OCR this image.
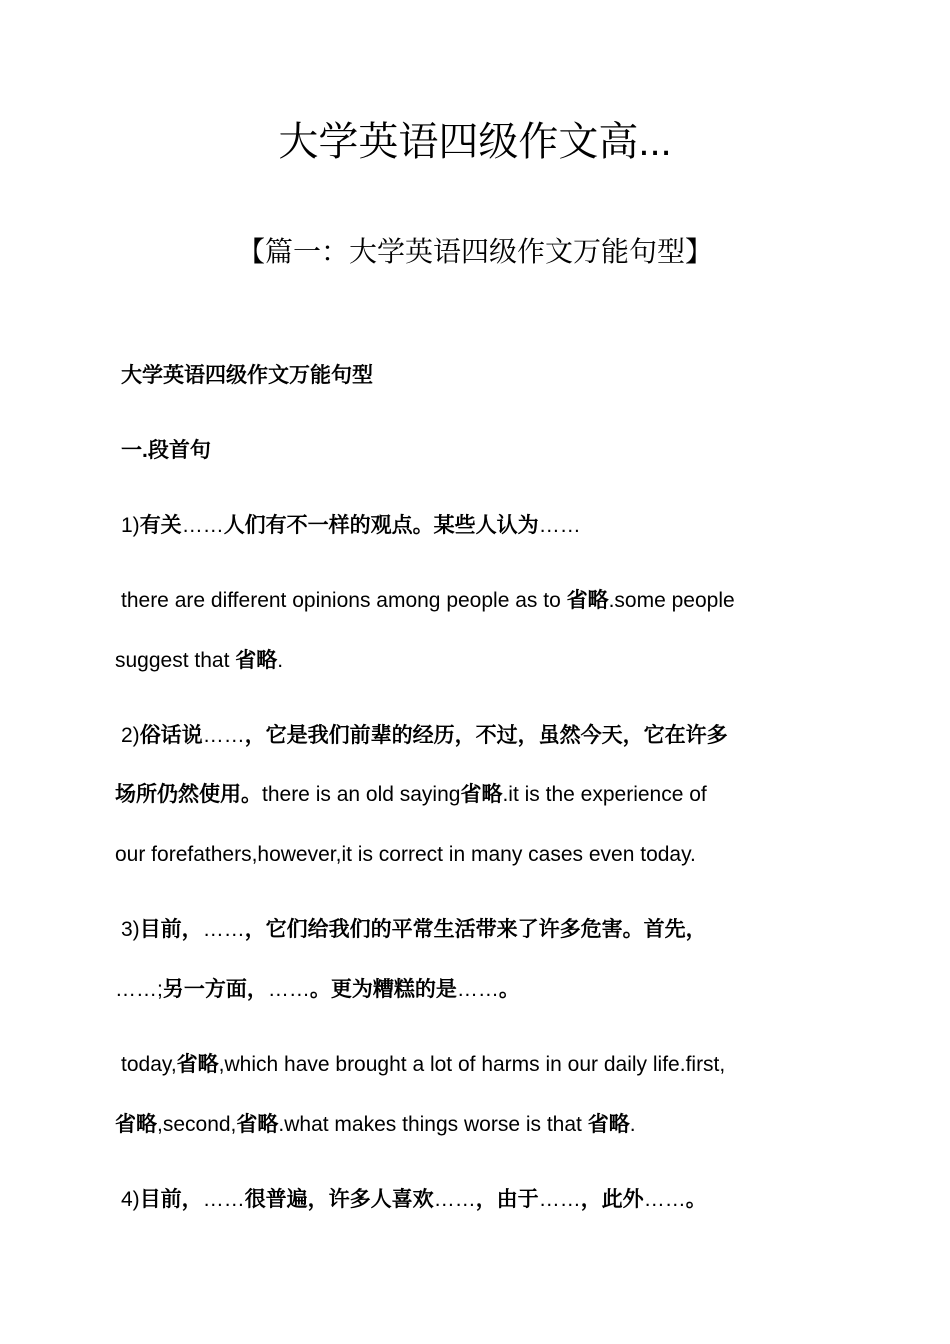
大学英语四级作文高...
【篇一：大学英语四级作文万能句型】
大学英语四级作文万能句型
一.段首句
1)有关……人们有不一样的观点。某些人认为……
there are different opinions among people as to 省略.some people
suggest that 省略.
2)俗话说……，它是我们前辈的经历，不过，虽然今天，它在许多
场所仍然使用。there is an old saying省略.it is the experience of
our forefathers,however,it is correct in many cases even today.
3)目前，……，它们给我们的平常生活带来了许多危害。首先，
……;另一方面，……。更为糟糕的是……。
today,省略,which have brought a lot of harms in our daily life.first,
省略,second,省略.what makes things worse is that 省略.
4)目前，……很普遍，许多人喜欢……，由于……，此外……。
